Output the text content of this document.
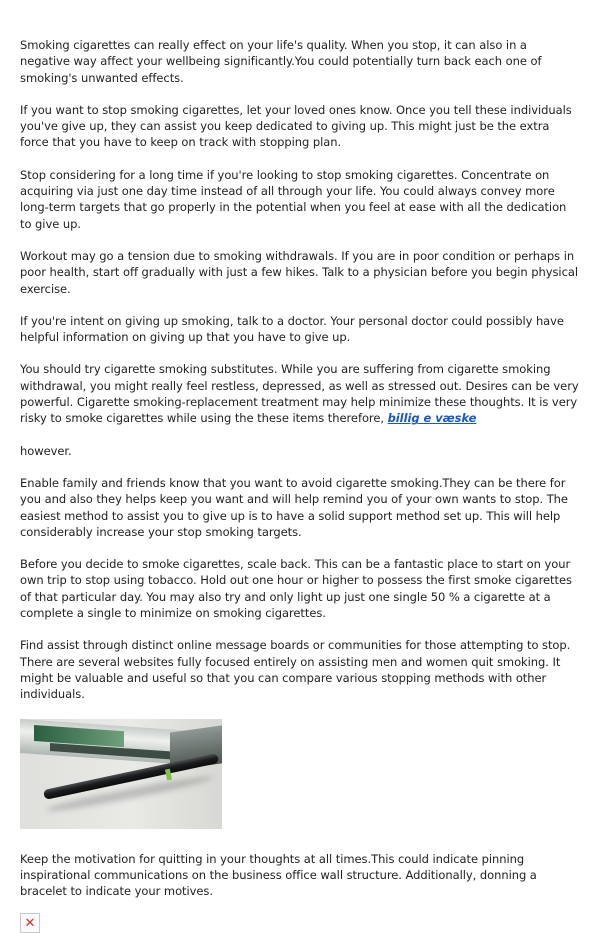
Smoking cigarettes can really effect on your life's quality. When you stop, it can also in a negative way affect your wellbeing significantly.You could potentially turn back each one of smoking's unwanted effects.

If you want to stop smoking cigarettes, let your loved ones know. Once you tell these individuals you've give up, they can assist you keep dedicated to giving up. This might just be the extra force that you have to keep on track with stopping plan.

Stop considering for a long time if you're looking to stop smoking cigarettes. Concentrate on acquiring via just one day time instead of all through your life. You could always convey more long-term targets that go properly in the potential when you feel at ease with all the dedication to give up.

Workout may go a tension due to smoking withdrawals. If you are in poor condition or perhaps in poor health, start off gradually with just a few hikes. Talk to a physician before you begin physical exercise.

If you're intent on giving up smoking, talk to a doctor. Your personal doctor could possibly have helpful information on giving up that you have to give up.

You should try cigarette smoking substitutes. While you are suffering from cigarette smoking withdrawal, you might really feel restless, depressed, as well as stressed out. Desires can be very powerful. Cigarette smoking-replacement treatment may help minimize these thoughts. It is very risky to smoke cigarettes while using the these items therefore, billig e væske

however.

Enable family and friends know that you want to avoid cigarette smoking.They can be there for you and also they helps keep you want and will help remind you of your own wants to stop. The easiest method to assist you to give up is to have a solid support method set up. This will help considerably increase your stop smoking targets.

Before you decide to smoke cigarettes, scale back. This can be a fantastic place to start on your own trip to stop using tobacco. Hold out one hour or higher to possess the first smoke cigarettes of that particular day. You may also try and only light up just one single 50 % a cigarette at a complete a single to minimize on smoking cigarettes.

Find assist through distinct online message boards or communities for those attempting to stop. There are several websites fully focused entirely on assisting men and women quit smoking. It might be valuable and useful so that you can compare various stopping methods with other individuals.

Keep the motivation for quitting in your thoughts at all times.This could indicate pinning inspirational communications on the business office wall structure. Additionally, donning a bracelet to indicate your motives.

✕
